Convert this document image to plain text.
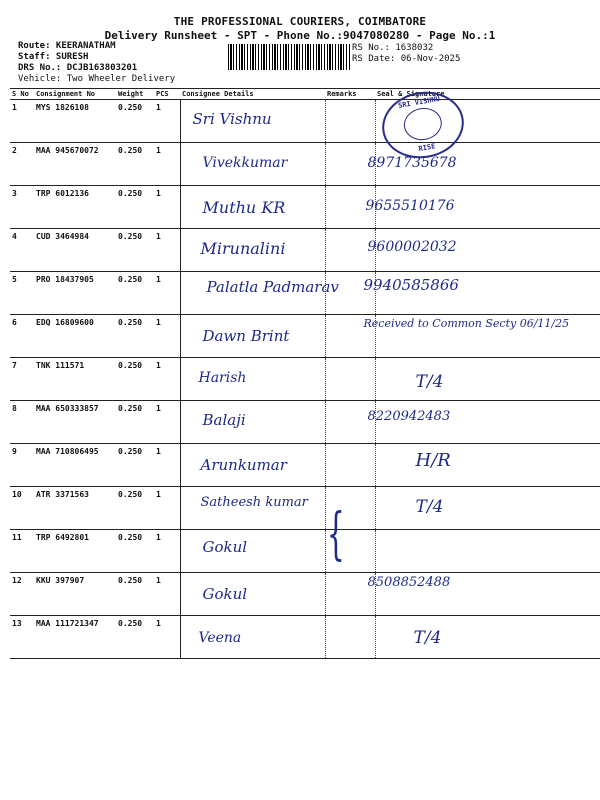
THE PROFESSIONAL COURIERS, COIMBATORE
Delivery Runsheet - SPT - Phone No.:9047080280 - Page No.:1
Route: KEERANATHAM
Staff: SURESH
DRS No.: DCJB163803201
Vehicle: Two Wheeler Delivery
RS No.: 1638032
RS Date: 06-Nov-2025
S No	Consignment No	Weight	PCS	Consignee Details	Remarks	Seal & Signature
1	MYS 1826108	0.250	1	Sri Vishnu		

2	MAA 945670072	0.250	1	Vivekkumar		8971735678

3	TRP 6012136	0.250	1	Muthu KR		9655510176

4	CUD 3464984	0.250	1	Mirunalini		9600002032

5	PRO 18437905	0.250	1	Palatla Padmarav		9940585866

6	EDQ 16809600	0.250	1	Dawn Brint		Received to Common Secty 06/11/25

7	TNK 111571	0.250	1	Harish		T/4

8	MAA 650333857	0.250	1	Balaji		8220942483

9	MAA 710806495	0.250	1	Arunkumar		H/R

10	ATR 3371563	0.250	1	Satheesh kumar		T/4

11	TRP 6492801	0.250	1	Gokul		

12	KKU 397907	0.250	1	Gokul		8508852488

13	MAA 111721347	0.250	1	Veena		T/4
SRI VISHNU
RISE
{
